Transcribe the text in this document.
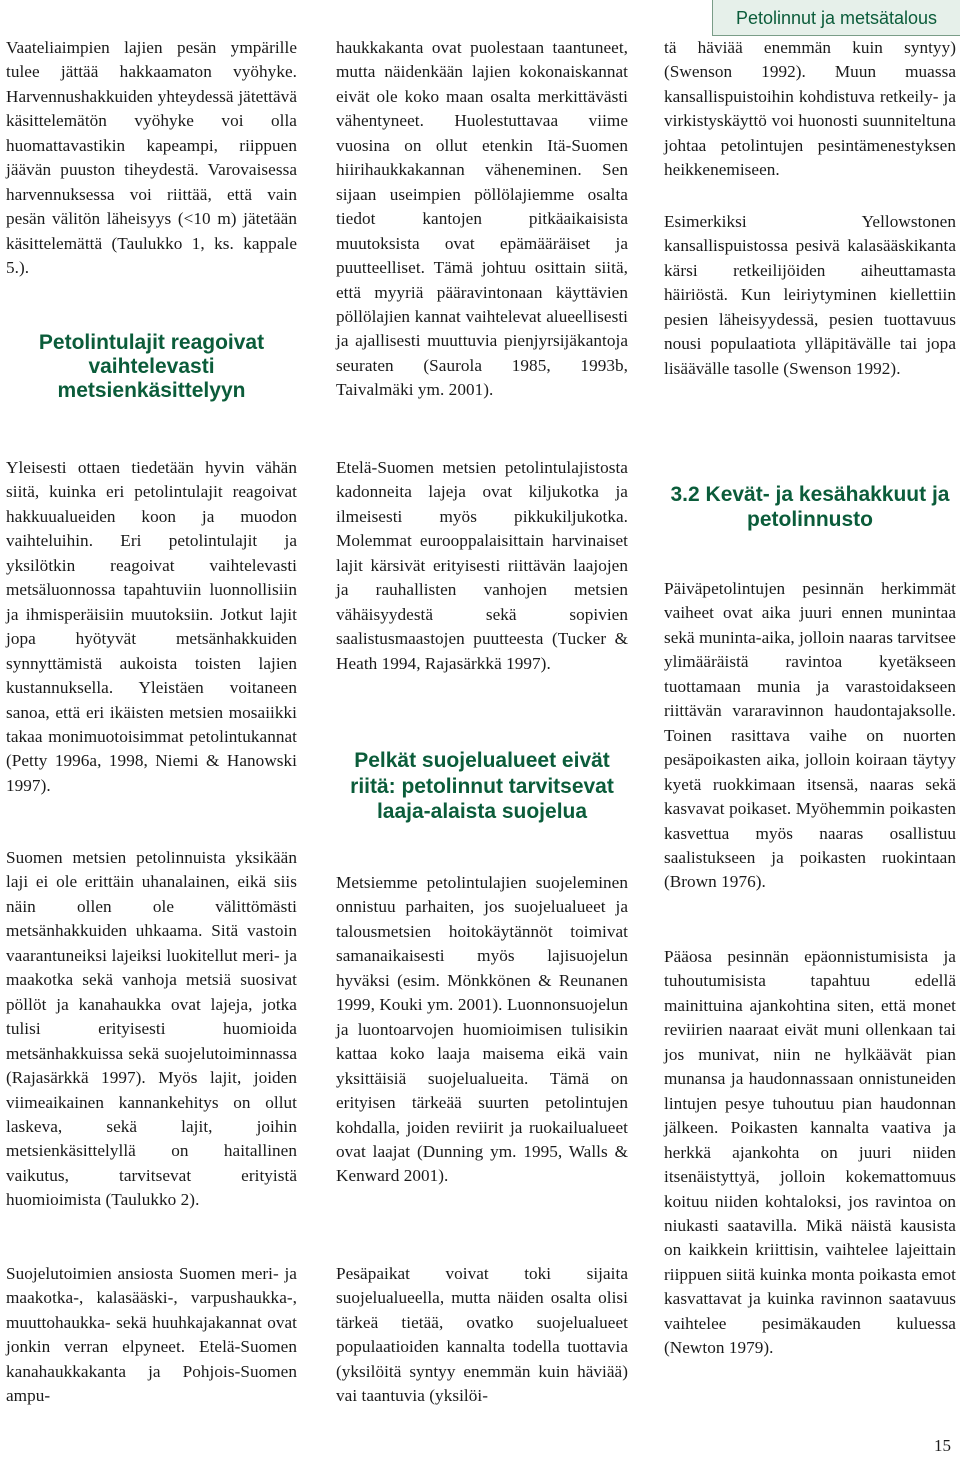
Petolinnut ja metsätalous

Vaateliaimpien lajien pesän ympärille tulee jättää hakkaamaton vyöhyke. Harvennushakkuiden yhteydessä jätettävä käsittelemätön vyöhyke voi olla huomattavastikin kapeampi, riippuen jäävän puuston tiheydestä. Varovaisessa harvennuksessa voi riittää, että vain pesän välitön läheisyys (<10 m) jätetään käsittelemättä (Taulukko 1, ks. kappale 5.).

Petolintulajit reagoivat vaihtelevasti metsienkäsittelyyn

Yleisesti ottaen tiedetään hyvin vähän siitä, kuinka eri petolintulajit reagoivat hakkuualueiden koon ja muodon vaihteluihin. Eri petolintulajit ja yksilötkin reagoivat vaihtelevasti metsäluonnossa tapahtuviin luonnollisiin ja ihmisperäisiin muutoksiin. Jotkut lajit jopa hyötyvät metsänhakkuiden synnyttämistä aukoista toisten lajien kustannuksella. Yleistäen voitaneen sanoa, että eri ikäisten metsien mosaiikki takaa monimuotoisimmat petolintukannat (Petty 1996a, 1998, Niemi & Hanowski 1997).

Suomen metsien petolinnuista yksikään laji ei ole erittäin uhanalainen, eikä siis näin ollen ole välittömästi metsänhakkuiden uhkaama. Sitä vastoin vaarantuneiksi lajeiksi luokitellut meri- ja maakotka sekä vanhoja metsiä suosivat pöllöt ja kanahaukka ovat lajeja, jotka tulisi erityisesti huomioida metsänhakkuissa sekä suojelutoiminnassa (Rajasärkkä 1997). Myös lajit, joiden viimeaikainen kannankehitys on ollut laskeva, sekä lajit, joihin metsienkäsittelyllä on haitallinen vaikutus, tarvitsevat erityistä huomioimista (Taulukko 2).

Suojelutoimien ansiosta Suomen meri- ja maakotka-, kalasääski-, varpushaukka-, muuttohaukka- sekä huuhkajakannat ovat jonkin verran elpyneet. Etelä-Suomen kanahaukkakanta ja Pohjois-Suomen ampu-

haukkakanta ovat puolestaan taantuneet, mutta näidenkään lajien kokonaiskannat eivät ole koko maan osalta merkittävästi vähentyneet. Huolestuttavaa viime vuosina on ollut etenkin Itä-Suomen hiirihaukkakannan väheneminen. Sen sijaan useimpien pöllölajiemme osalta tiedot kantojen pitkäaikaisista muutoksista ovat epämääräiset ja puutteelliset. Tämä johtuu osittain siitä, että myyriä pääravintonaan käyttävien pöllölajien kannat vaihtelevat alueellisesti ja ajallisesti muuttuvia pienjyrsijäkantoja seuraten (Saurola 1985, 1993b, Taivalmäki ym. 2001).

Etelä-Suomen metsien petolintulajistosta kadonneita lajeja ovat kiljukotka ja ilmeisesti myös pikkukiljukotka. Molemmat eurooppalaisittain harvinaiset lajit kärsivät erityisesti riittävän laajojen ja rauhallisten vanhojen metsien vähäisyydestä sekä sopivien saalistusmaastojen puutteesta (Tucker & Heath 1994, Rajasärkkä 1997).

Pelkät suojelualueet eivät riitä: petolinnut tarvitsevat laaja-alaista suojelua

Metsiemme petolintulajien suojeleminen onnistuu parhaiten, jos suojelualueet ja talousmetsien hoitokäytännöt toimivat samanaikaisesti myös lajisuojelun hyväksi (esim. Mönkkönen & Reunanen 1999, Kouki ym. 2001). Luonnonsuojelun ja luontoarvojen huomioimisen tulisikin kattaa koko laaja maisema eikä vain yksittäisiä suojelualueita. Tämä on erityisen tärkeää suurten petolintujen kohdalla, joiden reviirit ja ruokailualueet ovat laajat (Dunning ym. 1995, Walls & Kenward 2001).

Pesäpaikat voivat toki sijaita suojelualueella, mutta näiden osalta olisi tärkeä tietää, ovatko suojelualueet populaatioiden kannalta todella tuottavia (yksilöitä syntyy enemmän kuin häviää) vai taantuvia (yksilöi-

tä häviää enemmän kuin syntyy) (Swenson 1992). Muun muassa kansallispuistoihin kohdistuva retkeily- ja virkistyskäyttö voi huonosti suunniteltuna johtaa petolintujen pesintämenestyksen heikkenemiseen.

Esimerkiksi Yellowstonen kansallispuistossa pesivä kalasääskikanta kärsi retkeilijöiden aiheuttamasta häiriöstä. Kun leiriytyminen kiellettiin pesien läheisyydessä, pesien tuottavuus nousi populaatiota ylläpitävälle tai jopa lisäävälle tasolle (Swenson 1992).

3.2 Kevät- ja kesähakkuut ja petolinnusto

Päiväpetolintujen pesinnän herkimmät vaiheet ovat aika juuri ennen munintaa sekä muninta-aika, jolloin naaras tarvitsee ylimääräistä ravintoa kyetäkseen tuottamaan munia ja varastoidakseen riittävän vararavinnon haudontajaksolle. Toinen rasittava vaihe on nuorten pesäpoikasten aika, jolloin koiraan täytyy kyetä ruokkimaan itsensä, naaras sekä kasvavat poikaset. Myöhemmin poikasten kasvettua myös naaras osallistuu saalistukseen ja poikasten ruokintaan (Brown 1976).

Pääosa pesinnän epäonnistumisista ja tuhoutumisista tapahtuu edellä mainittuina ajankohtina siten, että monet reviirien naaraat eivät muni ollenkaan tai jos munivat, niin ne hylkäävät pian munansa ja haudonnassaan onnistuneiden lintujen pesye tuhoutuu pian haudonnan jälkeen. Poikasten kannalta vaativa ja herkkä ajankohta on juuri niiden itsenäistyttyä, jolloin kokemattomuus koituu niiden kohtaloksi, jos ravintoa on niukasti saatavilla. Mikä näistä kausista on kaikkein kriittisin, vaihtelee lajeittain riippuen siitä kuinka monta poikasta emot kasvattavat ja kuinka ravinnon saatavuus vaihtelee pesimäkauden kuluessa (Newton 1979).

15
